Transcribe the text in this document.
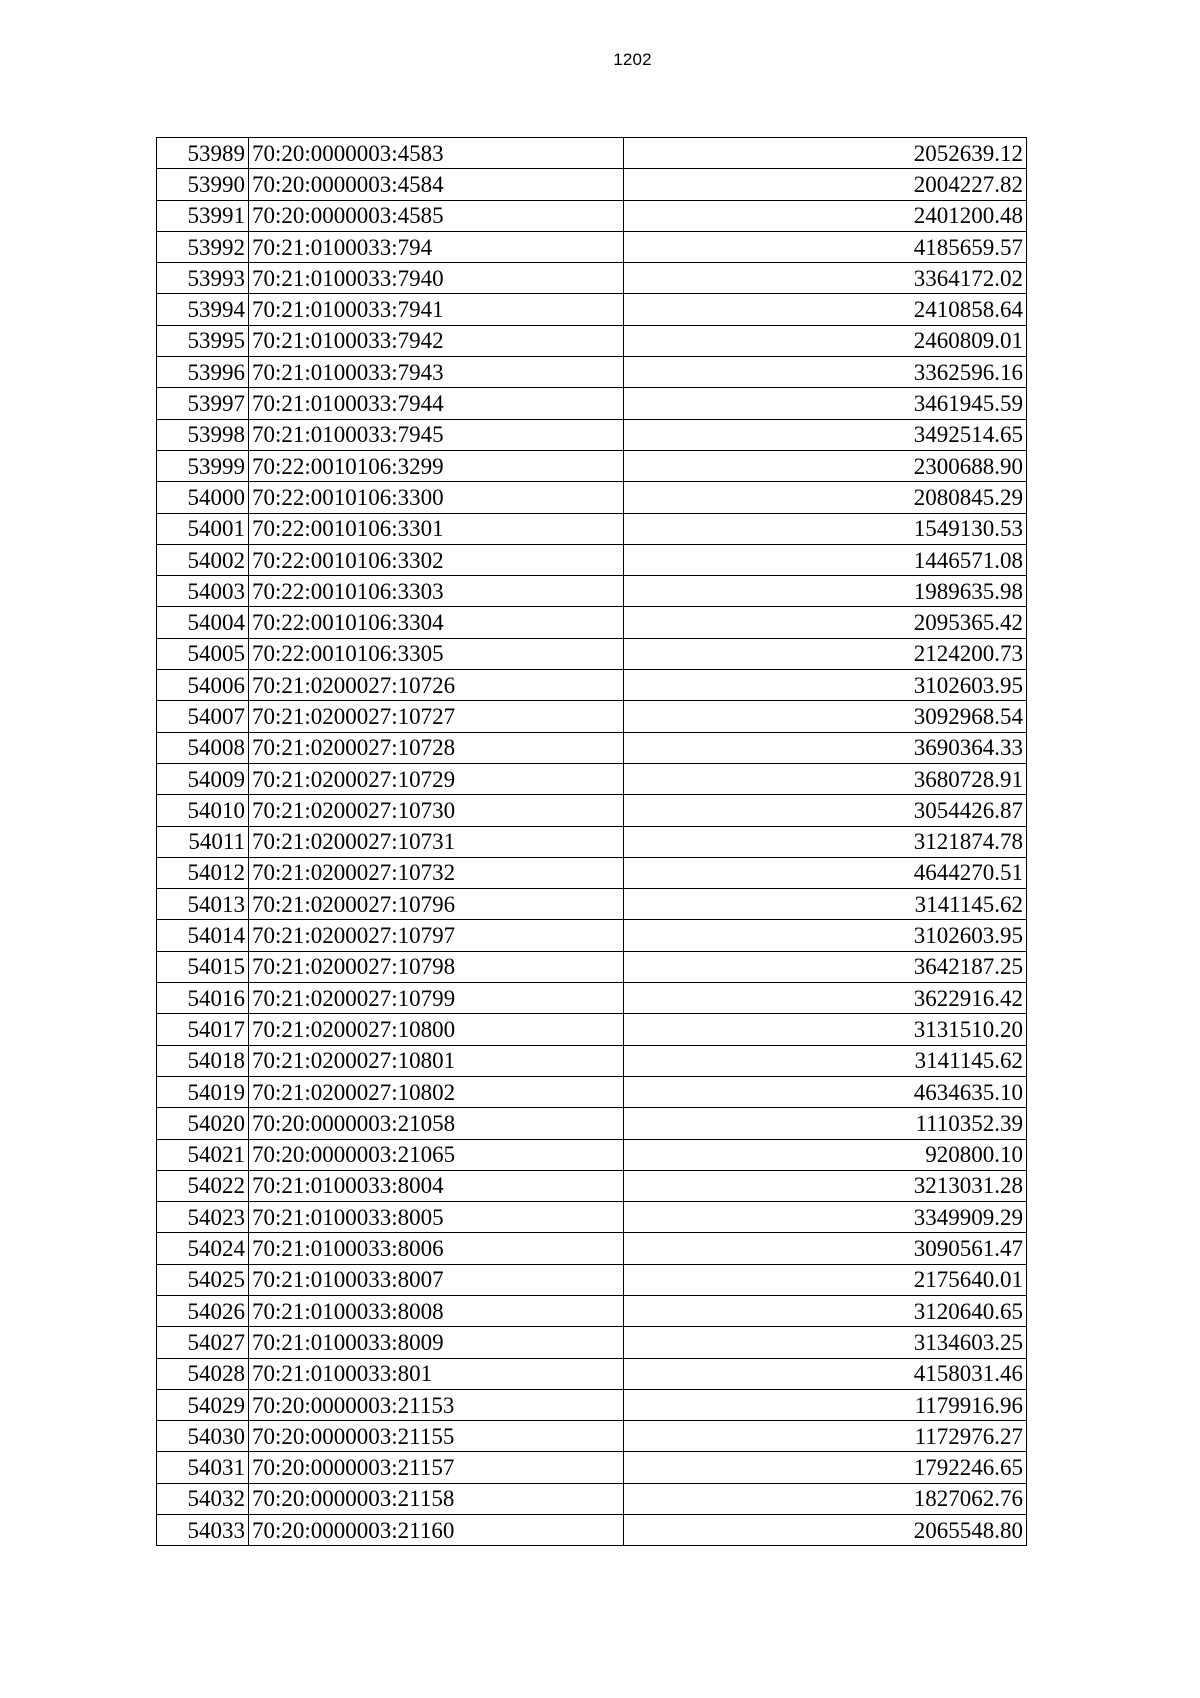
1202
53989	70:20:0000003:4583	2052639.12
53990	70:20:0000003:4584	2004227.82
53991	70:20:0000003:4585	2401200.48
53992	70:21:0100033:794	4185659.57
53993	70:21:0100033:7940	3364172.02
53994	70:21:0100033:7941	2410858.64
53995	70:21:0100033:7942	2460809.01
53996	70:21:0100033:7943	3362596.16
53997	70:21:0100033:7944	3461945.59
53998	70:21:0100033:7945	3492514.65
53999	70:22:0010106:3299	2300688.90
54000	70:22:0010106:3300	2080845.29
54001	70:22:0010106:3301	1549130.53
54002	70:22:0010106:3302	1446571.08
54003	70:22:0010106:3303	1989635.98
54004	70:22:0010106:3304	2095365.42
54005	70:22:0010106:3305	2124200.73
54006	70:21:0200027:10726	3102603.95
54007	70:21:0200027:10727	3092968.54
54008	70:21:0200027:10728	3690364.33
54009	70:21:0200027:10729	3680728.91
54010	70:21:0200027:10730	3054426.87
54011	70:21:0200027:10731	3121874.78
54012	70:21:0200027:10732	4644270.51
54013	70:21:0200027:10796	3141145.62
54014	70:21:0200027:10797	3102603.95
54015	70:21:0200027:10798	3642187.25
54016	70:21:0200027:10799	3622916.42
54017	70:21:0200027:10800	3131510.20
54018	70:21:0200027:10801	3141145.62
54019	70:21:0200027:10802	4634635.10
54020	70:20:0000003:21058	1110352.39
54021	70:20:0000003:21065	920800.10
54022	70:21:0100033:8004	3213031.28
54023	70:21:0100033:8005	3349909.29
54024	70:21:0100033:8006	3090561.47
54025	70:21:0100033:8007	2175640.01
54026	70:21:0100033:8008	3120640.65
54027	70:21:0100033:8009	3134603.25
54028	70:21:0100033:801	4158031.46
54029	70:20:0000003:21153	1179916.96
54030	70:20:0000003:21155	1172976.27
54031	70:20:0000003:21157	1792246.65
54032	70:20:0000003:21158	1827062.76
54033	70:20:0000003:21160	2065548.80
